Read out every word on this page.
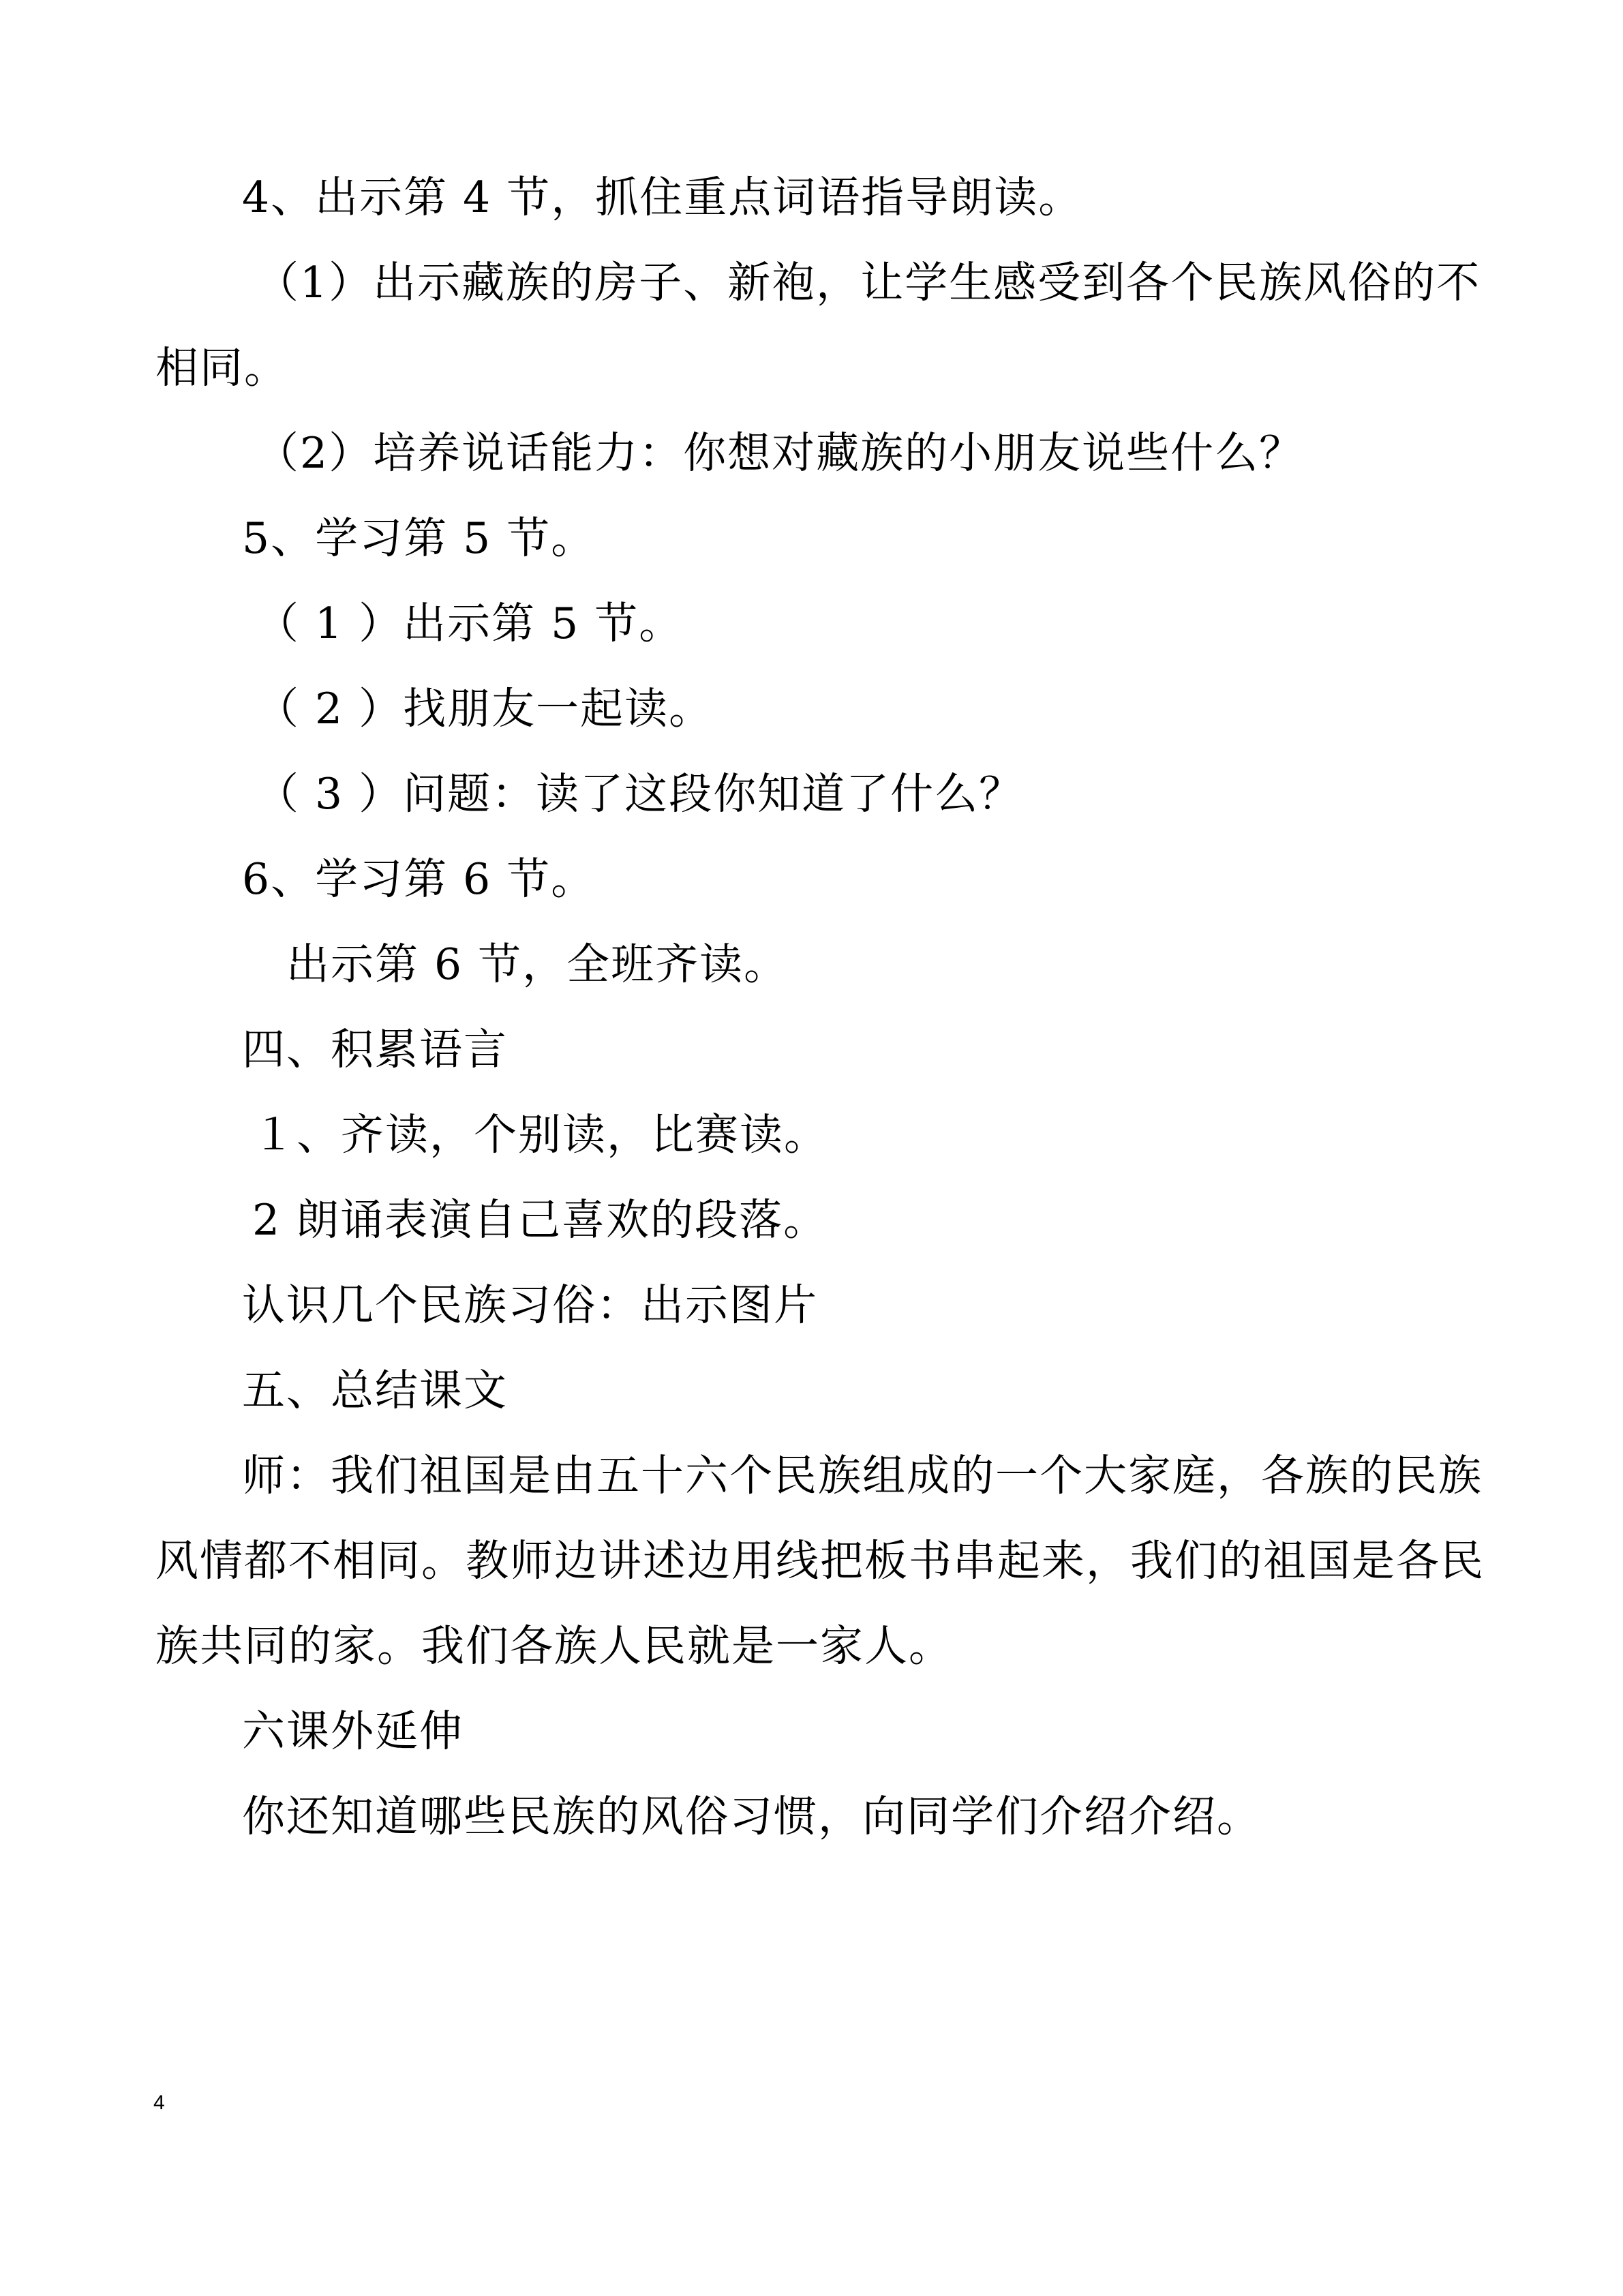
4、出示第 4 节，抓住重点词语指导朗读。
（1）出示藏族的房子、新袍，让学生感受到各个民族风俗的不
相同。
（2）培养说话能力：你想对藏族的小朋友说些什么？
5、学习第 5 节。
（ 1 ）出示第 5 节。
（ 2 ）找朋友一起读。
（ 3 ）问题：读了这段你知道了什么？
6、学习第 6 节。
出示第 6 节，全班齐读。
四、积累语言
１、齐读，个别读，比赛读。
2 朗诵表演自己喜欢的段落。
认识几个民族习俗：出示图片
五、总结课文
师：我们祖国是由五十六个民族组成的一个大家庭，各族的民族
风情都不相同。教师边讲述边用线把板书串起来，我们的祖国是各民
族共同的家。我们各族人民就是一家人。
六课外延伸
你还知道哪些民族的风俗习惯，向同学们介绍介绍。
4
